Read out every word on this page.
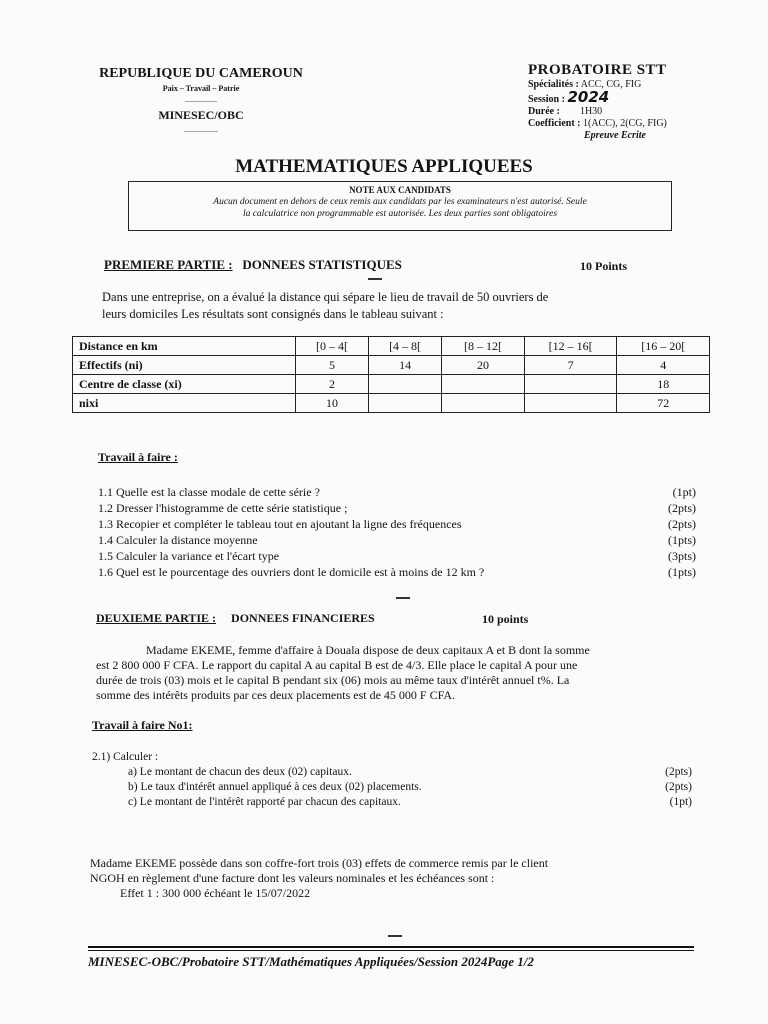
REPUBLIQUE DU CAMEROUN
Paix – Travail – Patrie
................
MINESEC/OBC
.................
PROBATOIRE STT
Spécialités : ACC, CG, FIG
Session : 2024
Durée : 1H30
Coefficient : 1(ACC), 2(CG, FIG)
Epreuve Ecrite
MATHEMATIQUES APPLIQUEES
NOTE AUX CANDIDATS
Aucun document en dehors de ceux remis aux candidats par les examinateurs n'est autorisé. Seule
la calculatrice non programmable est autorisée. Les deux parties sont obligatoires
PREMIERE PARTIE : DONNEES STATISTIQUES	10 Points
Dans une entreprise, on a évalué la distance qui sépare le lieu de travail de 50 ouvriers de
leurs domiciles Les résultats sont consignés dans le tableau suivant :
Distance en km	[0 – 4[	[4 – 8[	[8 – 12[	[12 – 16[	[16 – 20[
Effectifs (ni)	5	14	20	7	4
Centre de classe (xi)	2				18
nixi	10				72
Travail à faire :
1.1 Quelle est la classe modale de cette série ?	(1pt)
1.2 Dresser l'histogramme de cette série statistique ;	(2pts)
1.3 Recopier et compléter le tableau tout en ajoutant la ligne des fréquences	(2pts)
1.4 Calculer la distance moyenne	(1pts)
1.5 Calculer la variance et l'écart type	(3pts)
1.6 Quel est le pourcentage des ouvriers dont le domicile est à moins de 12 km ?	(1pts)
DEUXIEME PARTIE : DONNEES FINANCIERES	10 points
Madame EKEME, femme d'affaire à Douala dispose de deux capitaux A et B dont la somme
est 2 800 000 F CFA. Le rapport du capital A au capital B est de 4/3. Elle place le capital A pour une
durée de trois (03) mois et le capital B pendant six (06) mois au même taux d'intérêt annuel t%. La
somme des intérêts produits par ces deux placements est de 45 000 F CFA.
Travail à faire No1:
2.1) Calculer :
a) Le montant de chacun des deux (02) capitaux.	(2pts)
b) Le taux d'intérêt annuel appliqué à ces deux (02) placements.	(2pts)
c) Le montant de l'intérêt rapporté par chacun des capitaux.	(1pt)
Madame EKEME possède dans son coffre-fort trois (03) effets de commerce remis par le client
NGOH en règlement d'une facture dont les valeurs nominales et les échéances sont :
Effet 1 : 300 000 échéant le 15/07/2022
MINESEC-OBC/Probatoire STT/Mathématiques Appliquées/Session 2024Page 1/2
